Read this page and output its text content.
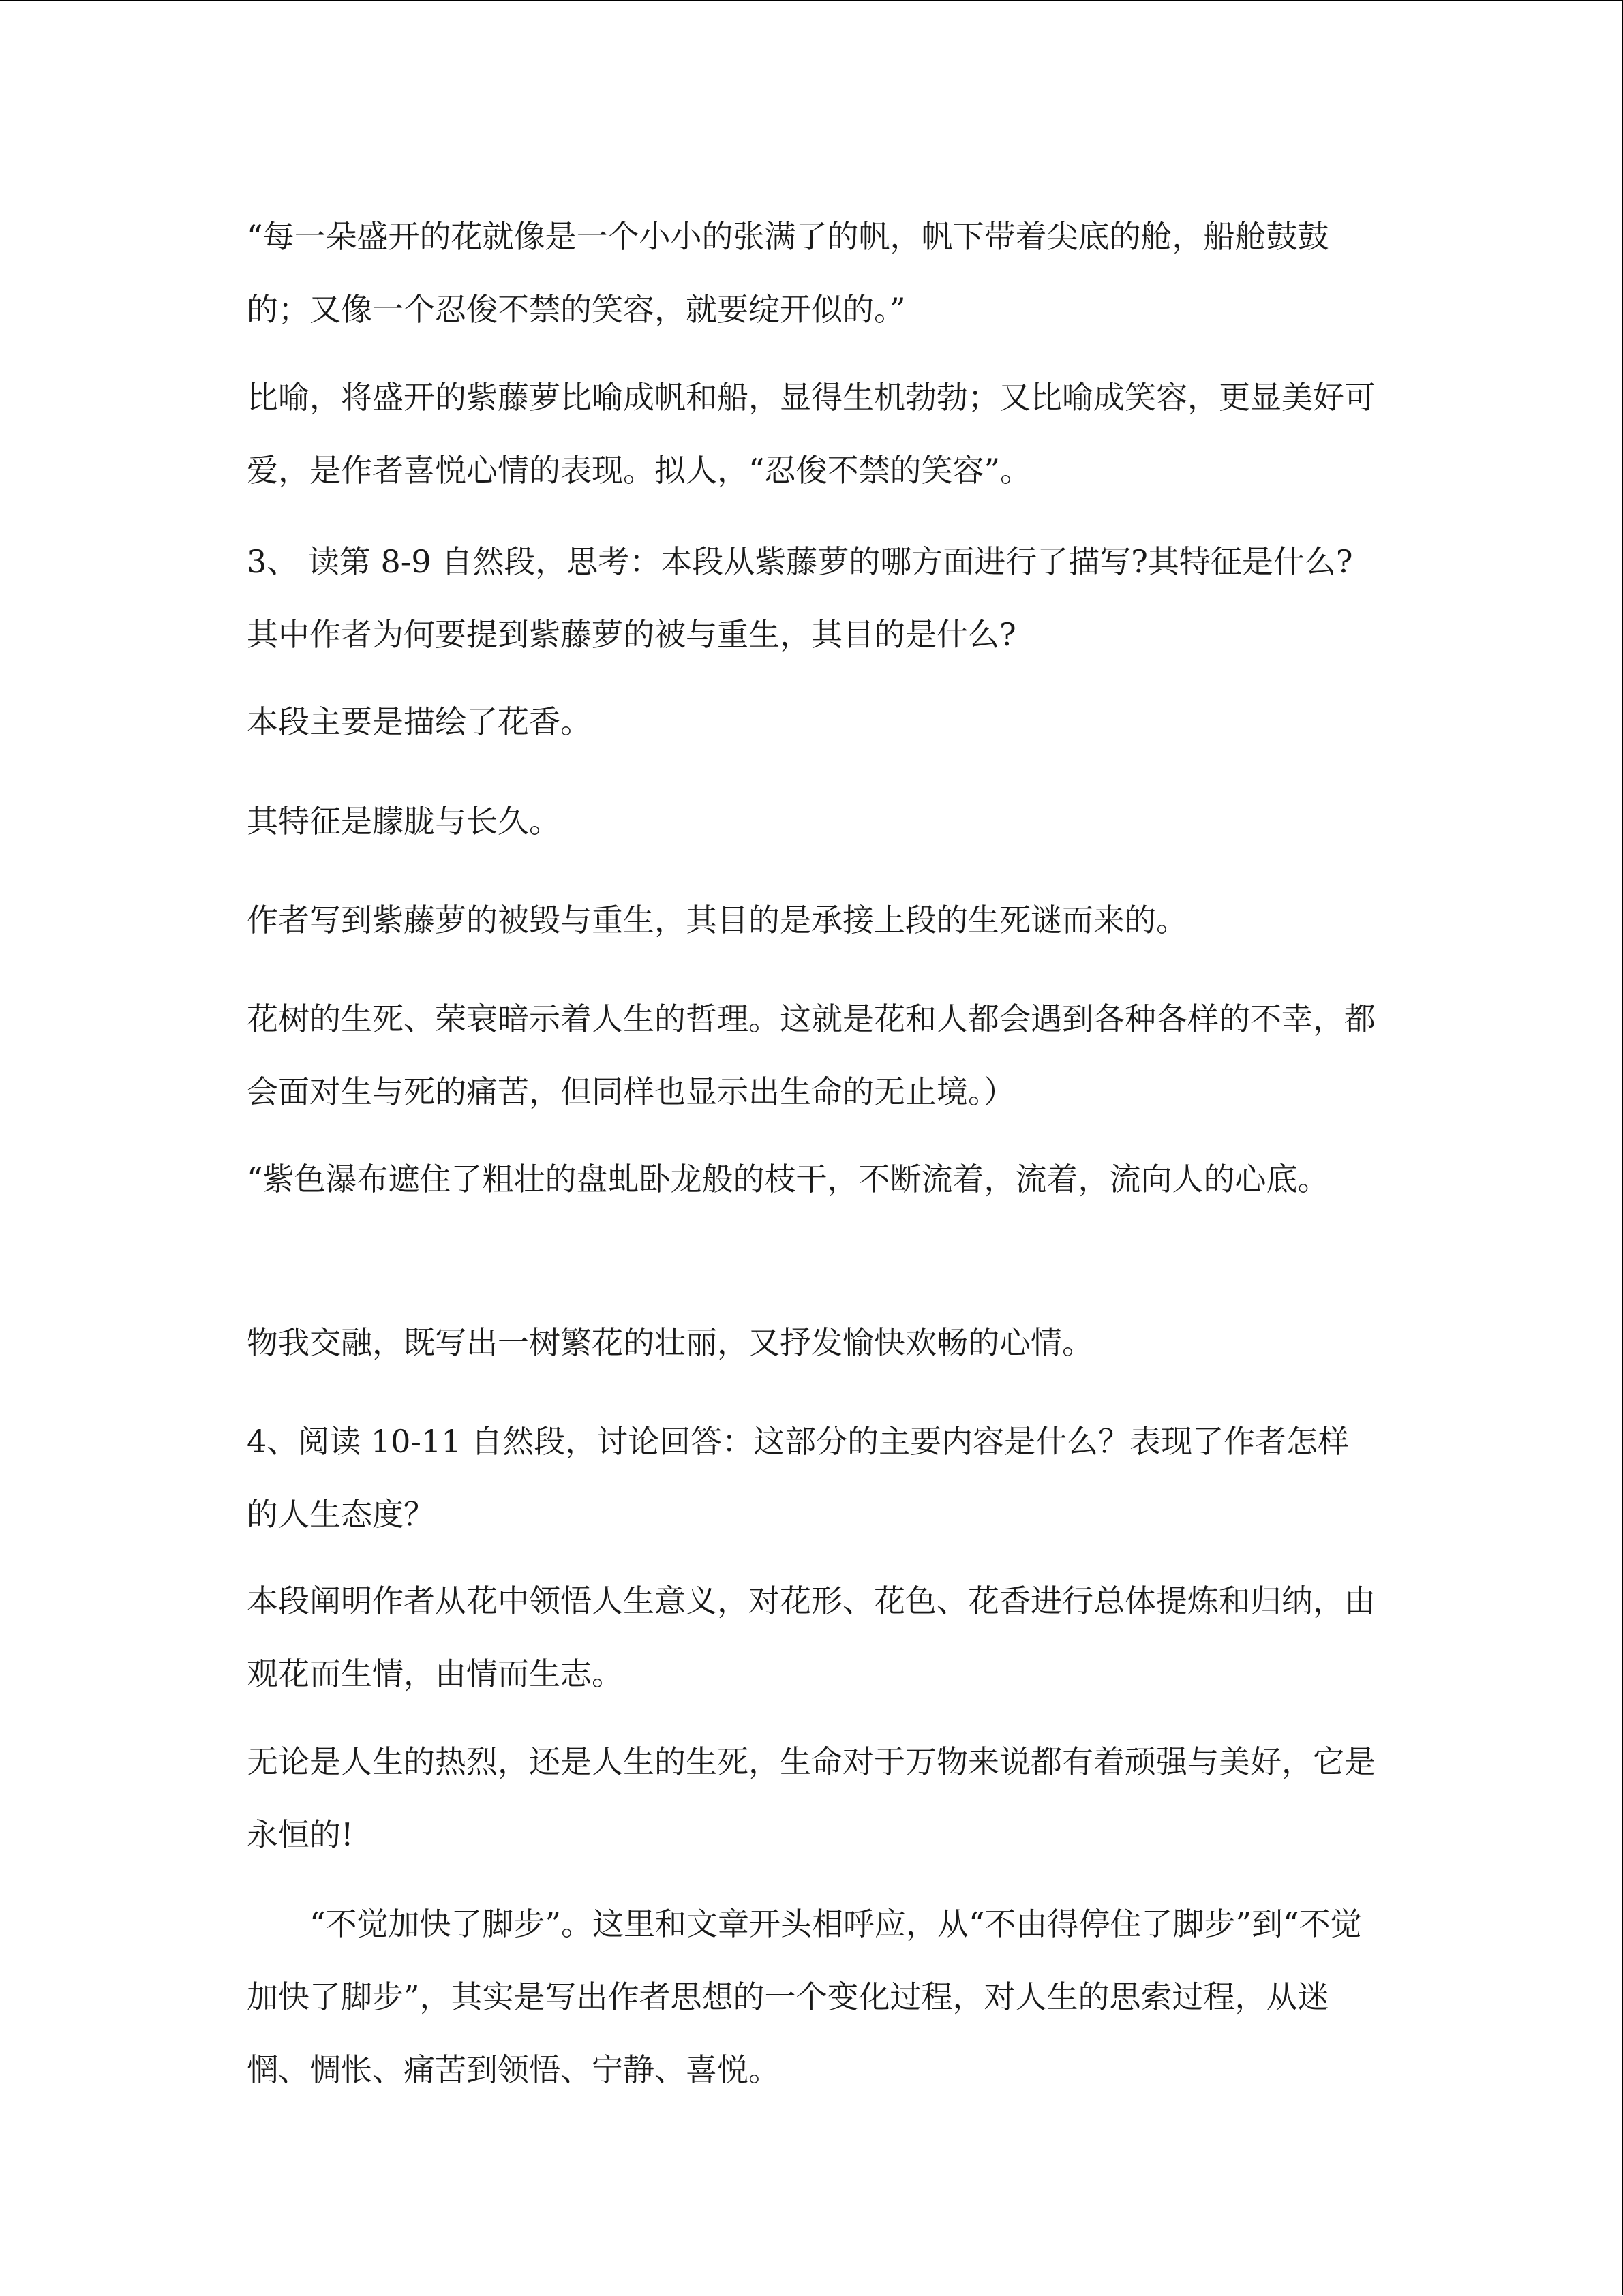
“每一朵盛开的花就像是一个小小的张满了的帆，帆下带着尖底的舱，船舱鼓鼓的；又像一个忍俊不禁的笑容，就要绽开似的。”

比喻，将盛开的紫藤萝比喻成帆和船，显得生机勃勃；又比喻成笑容，更显美好可爱，是作者喜悦心情的表现。拟人，“忍俊不禁的笑容”。

3、 读第 8-9 自然段，思考：本段从紫藤萝的哪方面进行了描写?其特征是什么?其中作者为何要提到紫藤萝的被与重生，其目的是什么?

本段主要是描绘了花香。

其特征是朦胧与长久。

作者写到紫藤萝的被毁与重生，其目的是承接上段的生死谜而来的。

花树的生死、荣衰暗示着人生的哲理。这就是花和人都会遇到各种各样的不幸，都会面对生与死的痛苦，但同样也显示出生命的无止境。）

“紫色瀑布遮住了粗壮的盘虬卧龙般的枝干，不断流着，流着，流向人的心底。

物我交融，既写出一树繁花的壮丽，又抒发愉快欢畅的心情。

4、阅读 10-11 自然段，讨论回答：这部分的主要内容是什么？表现了作者怎样的人生态度？

本段阐明作者从花中领悟人生意义，对花形、花色、花香进行总体提炼和归纳，由观花而生情，由情而生志。

无论是人生的热烈，还是人生的生死，生命对于万物来说都有着顽强与美好，它是永恒的!

“不觉加快了脚步”。这里和文章开头相呼应，从“不由得停住了脚步”到“不觉加快了脚步”，其实是写出作者思想的一个变化过程，对人生的思索过程，从迷惘、惆怅、痛苦到领悟、宁静、喜悦。
